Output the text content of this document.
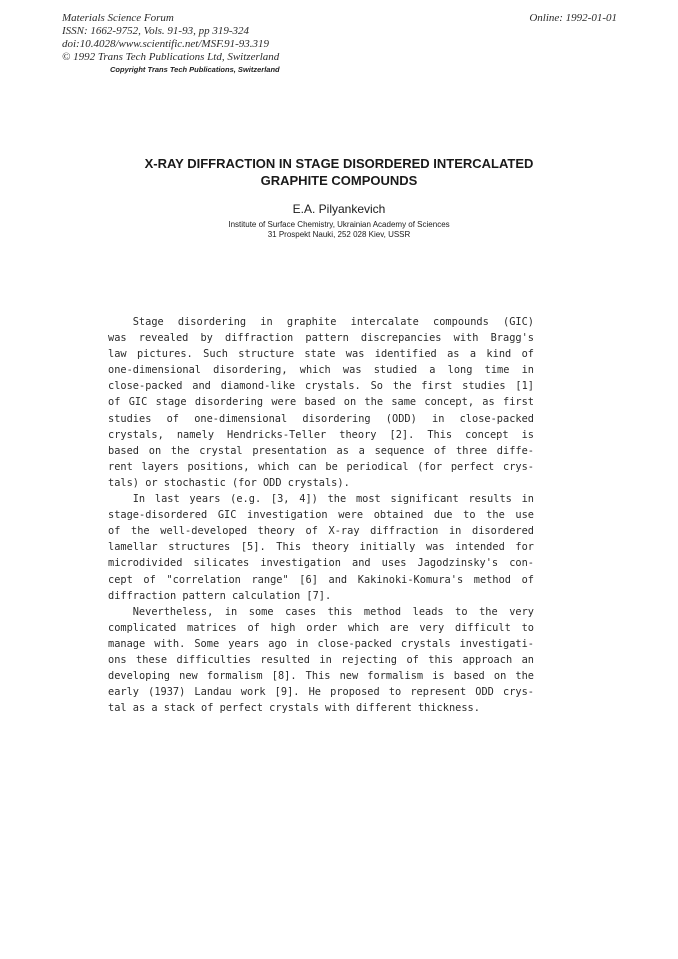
Materials Science Forum
ISSN: 1662-9752, Vols. 91-93, pp 319-324
doi:10.4028/www.scientific.net/MSF.91-93.319
© 1992 Trans Tech Publications Ltd, Switzerland
Copyright Trans Tech Publications, Switzerland
Online: 1992-01-01
X-RAY DIFFRACTION IN STAGE DISORDERED INTERCALATED
GRAPHITE COMPOUNDS
E.A. Pilyankevich
Institute of Surface Chemistry, Ukrainian Academy of Sciences
31 Prospekt Nauki, 252 028 Kiev, USSR
Stage disordering in graphite intercalate compounds (GIC)
was revealed by diffraction pattern discrepancies with Bragg's
law pictures. Such structure state was identified as a kind of
one-dimensional disordering, which was studied a long time in
close-packed and diamond-like crystals. So the first studies [1]
of GIC stage disordering were based on the same concept, as first
studies of one-dimensional disordering (ODD) in close-packed
crystals, namely Hendricks-Teller theory [2]. This concept is
based on the crystal presentation as a sequence of three diffe-
rent layers positions, which can be periodical (for perfect crys-
tals) or stochastic (for ODD crystals).
In last years (e.g. [3, 4]) the most significant results in
stage-disordered GIC investigation were obtained due to the use
of the well-developed theory of X-ray diffraction in disordered
lamellar structures [5]. This theory initially was intended for
microdivided silicates investigation and uses Jagodzinsky's con-
cept of "correlation range" [6] and Kakinoki-Komura's method of
diffraction pattern calculation [7].
Nevertheless, in some cases this method leads to the very
complicated matrices of high order which are very difficult to
manage with. Some years ago in close-packed crystals investigati-
ons these difficulties resulted in rejecting of this approach an
developing new formalism [8]. This new formalism is based on the
early (1937) Landau work [9]. He proposed to represent ODD crys-
tal as a stack of perfect crystals with different thickness.
